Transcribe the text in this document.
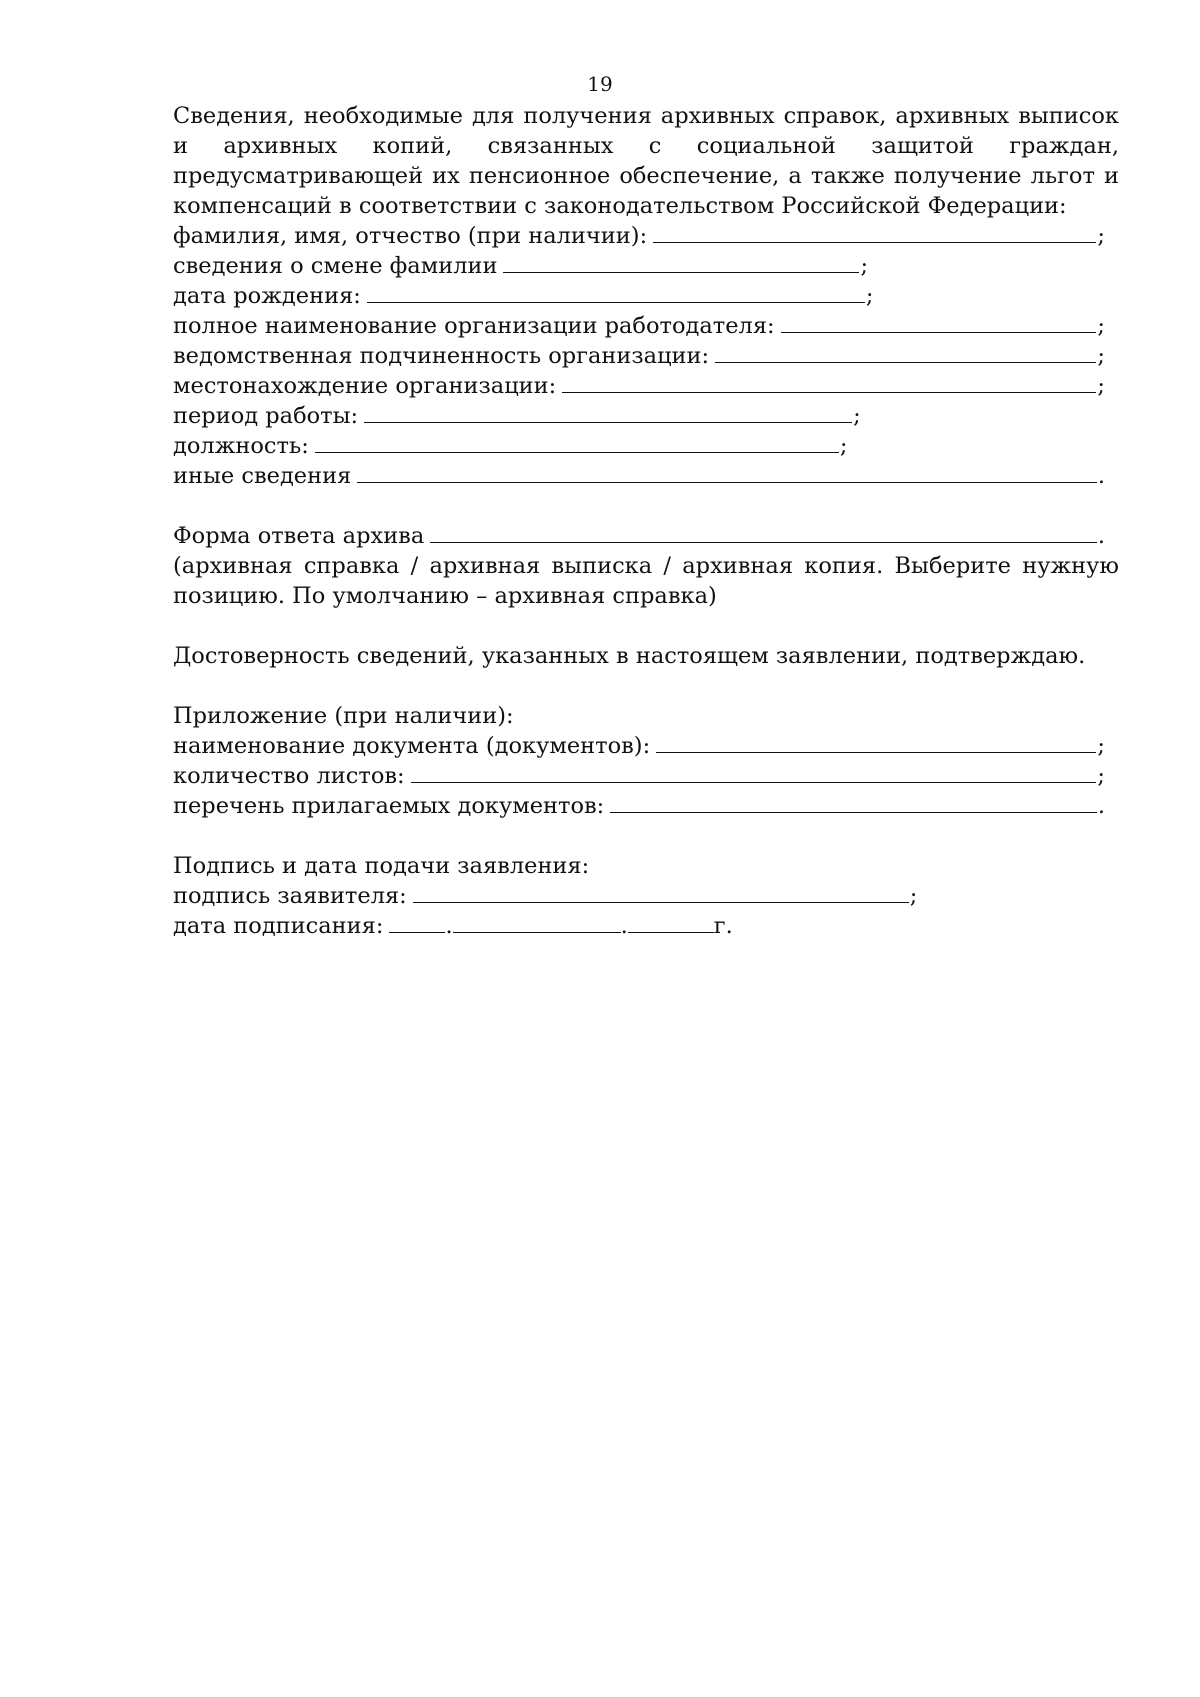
19

Сведения, необходимые для получения архивных справок, архивных выписок и архивных копий, связанных с социальной защитой граждан, предусматривающей их пенсионное обеспечение, а также получение льгот и компенсаций в соответствии с законодательством Российской Федерации:

фамилия, имя, отчество (при наличии):	;
сведения о смене фамилии	;
дата рождения:	;
полное наименование организации работодателя:	;
ведомственная подчиненность организации:	;
местонахождение организации:	;
период работы:	;
должность:	;
иные сведения	.
Форма ответа архива	.

(архивная справка / архивная выписка / архивная копия. Выберите нужную позицию. По умолчанию – архивная справка)

Достоверность сведений, указанных в настоящем заявлении, подтверждаю.
Приложение (при наличии):
наименование документа (документов):	;
количество листов:	;
перечень прилагаемых документов:	.
Подпись и дата подачи заявления:
подпись заявителя:	;
дата подписания:	.	.	г.
